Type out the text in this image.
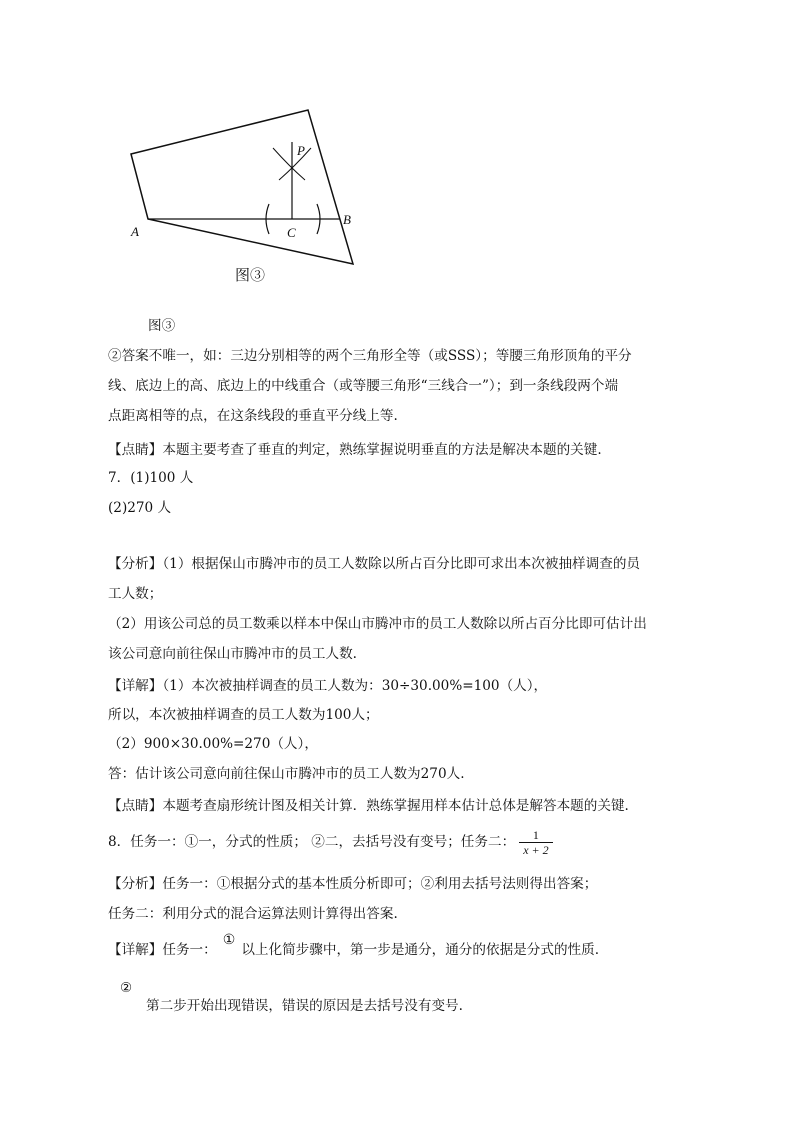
P
A
B
C
图③
图③
②答案不唯一，如：三边分别相等的两个三角形全等（或SSS）；等腰三角形顶角的平分
线、底边上的高、底边上的中线重合（或等腰三角形“三线合一”）；到一条线段两个端
点距离相等的点，在这条线段的垂直平分线上等.
【点睛】本题主要考查了垂直的判定，熟练掌握说明垂直的方法是解决本题的关键.
7．(1)100 人
(2)270 人
【分析】（1）根据保山市腾冲市的员工人数除以所占百分比即可求出本次被抽样调查的员
工人数；
（2）用该公司总的员工数乘以样本中保山市腾冲市的员工人数除以所占百分比即可估计出
该公司意向前往保山市腾冲市的员工人数.
【详解】（1）本次被抽样调查的员工人数为：30÷30.00%=100（人），
所以，本次被抽样调查的员工人数为100人；
（2）900×30.00%=270（人），
答：估计该公司意向前往保山市腾冲市的员工人数为270人.
【点睛】本题考查扇形统计图及相关计算．熟练掌握用样本估计总体是解答本题的关键.
8．任务一：①一，分式的性质； ②二，去括号没有变号；任务二： $\frac{1}{x + 2}$
【分析】任务一：①根据分式的基本性质分析即可；②利用去括号法则得出答案；
任务二：利用分式的混合运算法则计算得出答案.
【详解】任务一：①以上化简步骤中，第一步是通分，通分的依据是分式的性质.
②
第二步开始出现错误，错误的原因是去括号没有变号.
